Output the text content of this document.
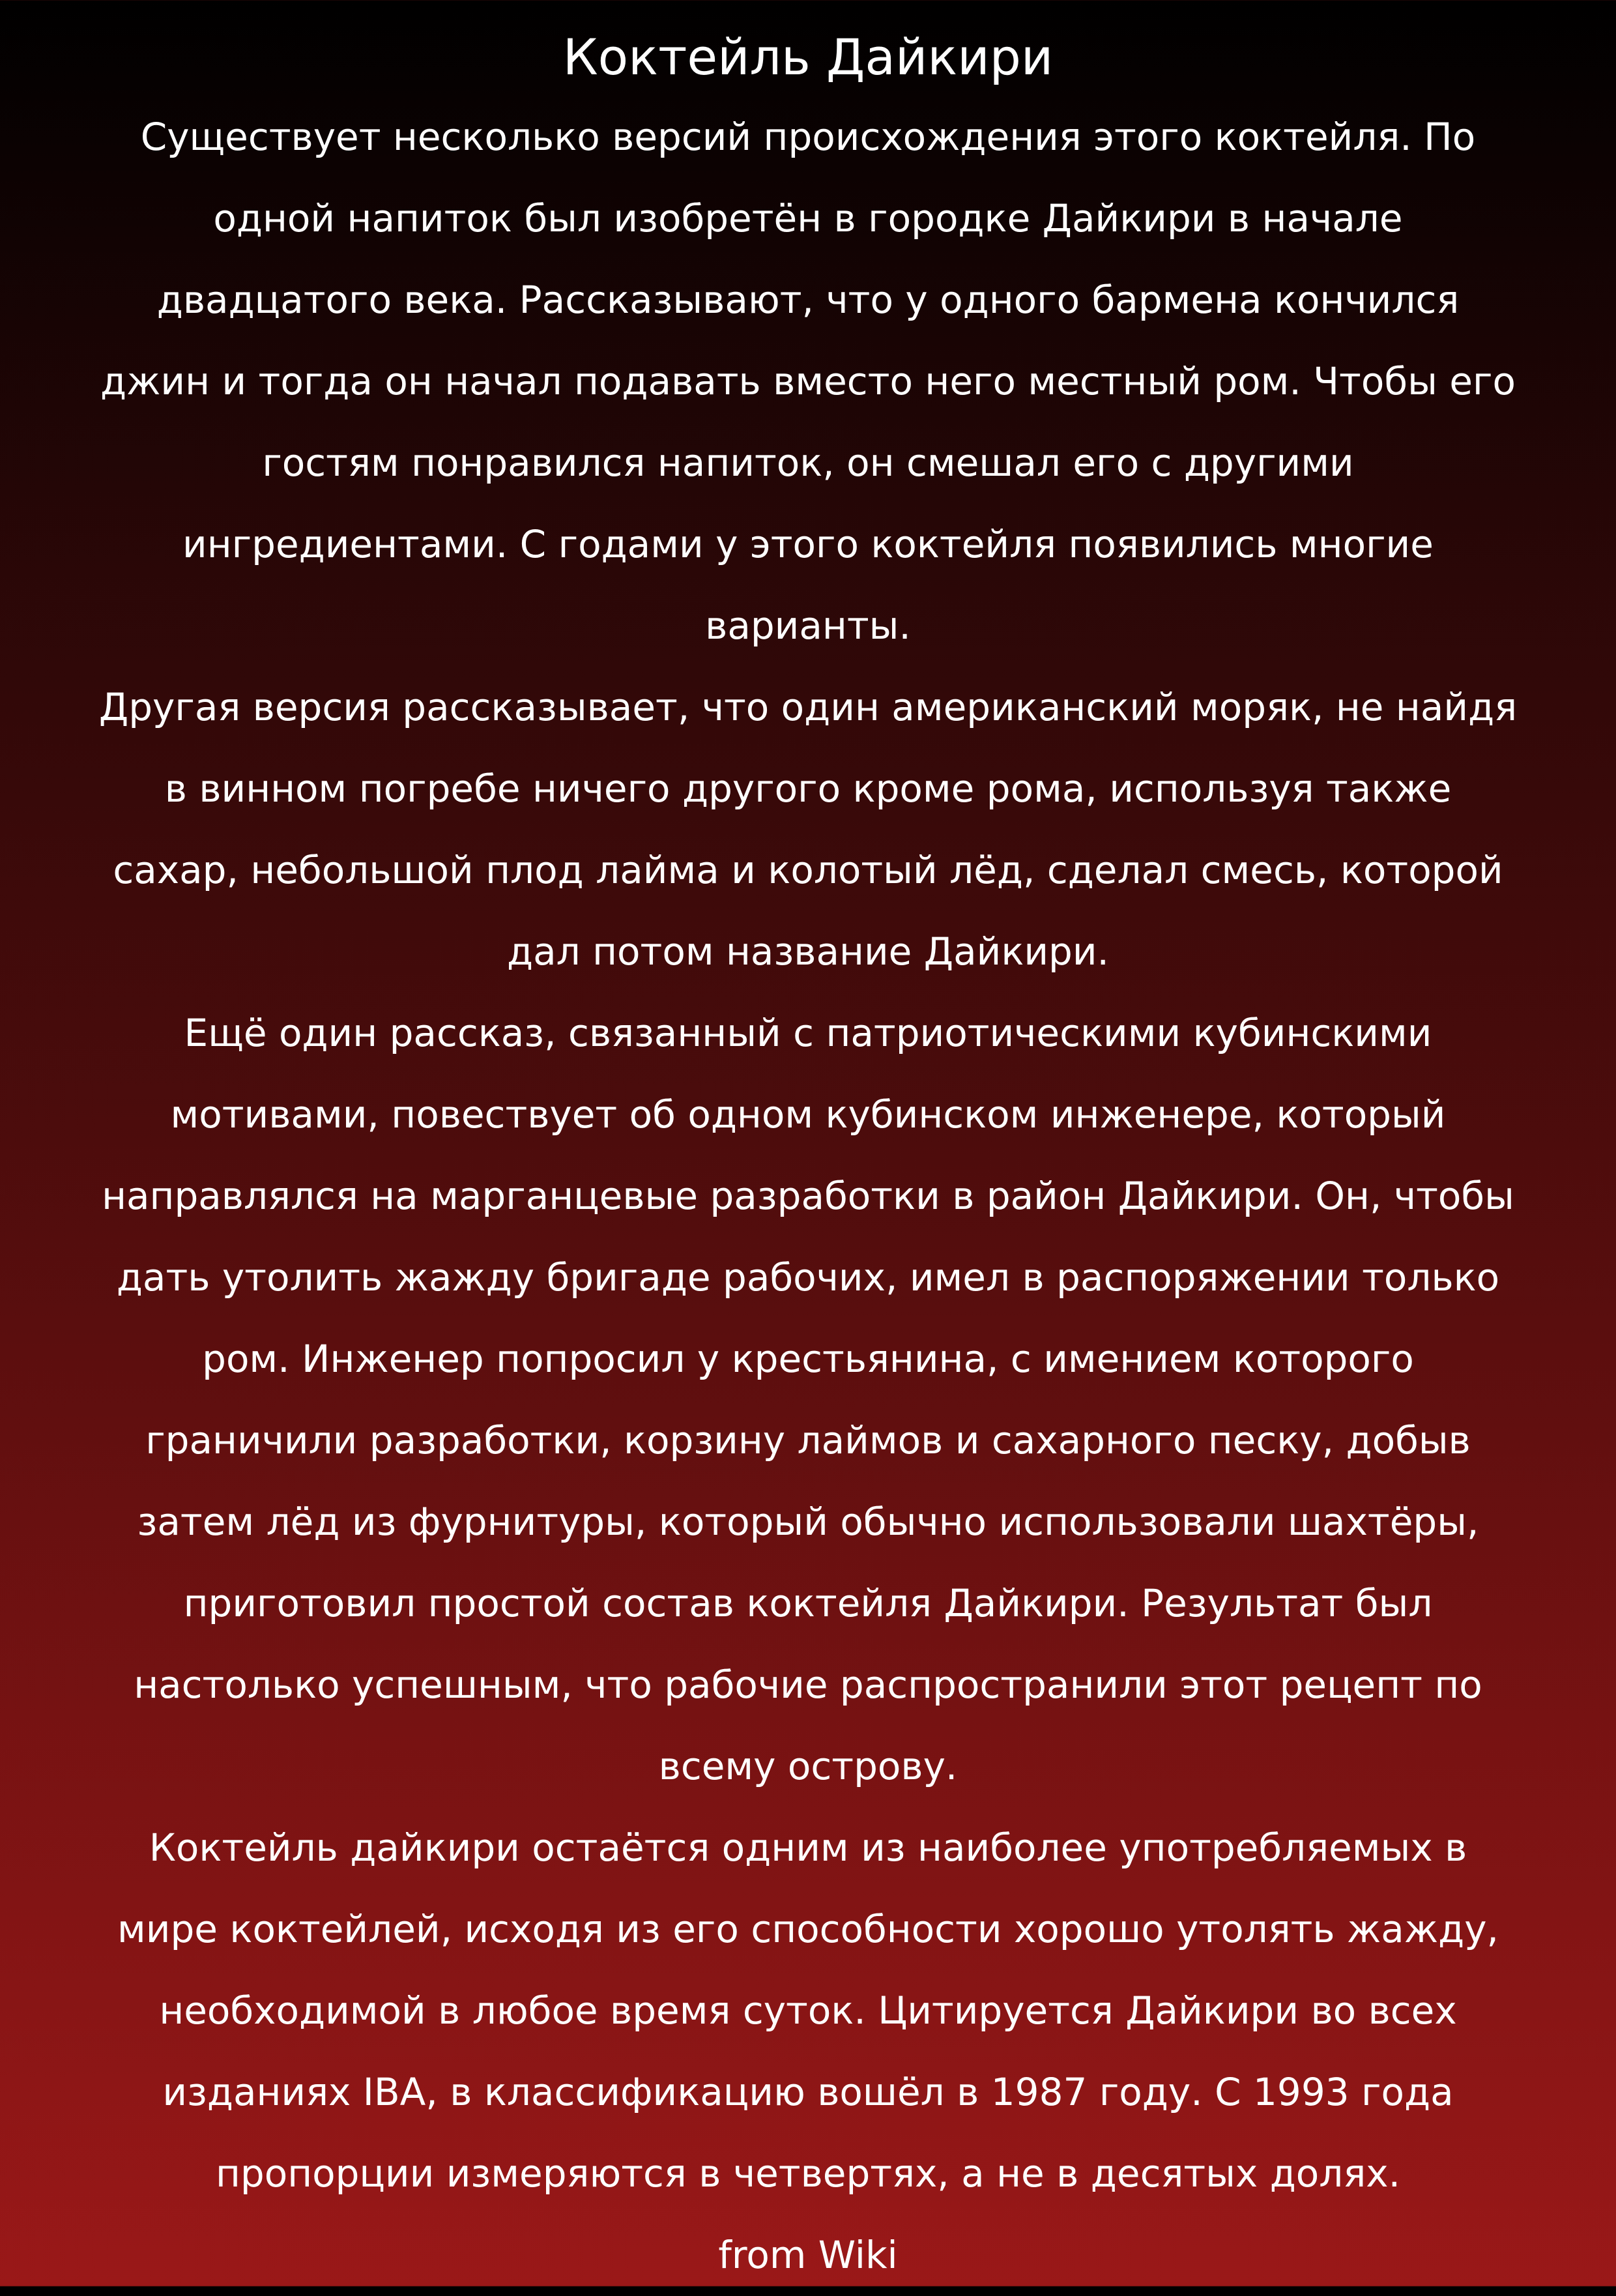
Коктейль Дайкири

Существует несколько версий происхождения этого коктейля. По одной напиток был изобретён в городке Дайкири в начале двадцатого века. Рассказывают, что у одного бармена кончился джин и тогда он начал подавать вместо него местный ром. Чтобы его гостям понравился напиток, он смешал его с другими ингредиентами. С годами у этого коктейля появились многие варианты.

Другая версия рассказывает, что один американский моряк, не найдя в винном погребе ничего другого кроме рома, используя также сахар, небольшой плод лайма и колотый лёд, сделал смесь, которой дал потом название Дайкири.

Ещё один рассказ, связанный с патриотическими кубинскими мотивами, повествует об одном кубинском инженере, который направлялся на марганцевые разработки в район Дайкири. Он, чтобы дать утолить жажду бригаде рабочих, имел в распоряжении только ром. Инженер попросил у крестьянина, с имением которого граничили разработки, корзину лаймов и сахарного песку, добыв затем лёд из фурнитуры, который обычно использовали шахтёры, приготовил простой состав коктейля Дайкири. Результат был настолько успешным, что рабочие распространили этот рецепт по всему острову.

Коктейль дайкири остаётся одним из наиболее употребляемых в мире коктейлей, исходя из его способности хорошо утолять жажду, необходимой в любое время суток. Цитируется Дайкири во всех изданиях IBA, в классификацию вошёл в 1987 году. С 1993 года пропорции измеряются в четвертях, а не в десятых долях.

from Wiki
